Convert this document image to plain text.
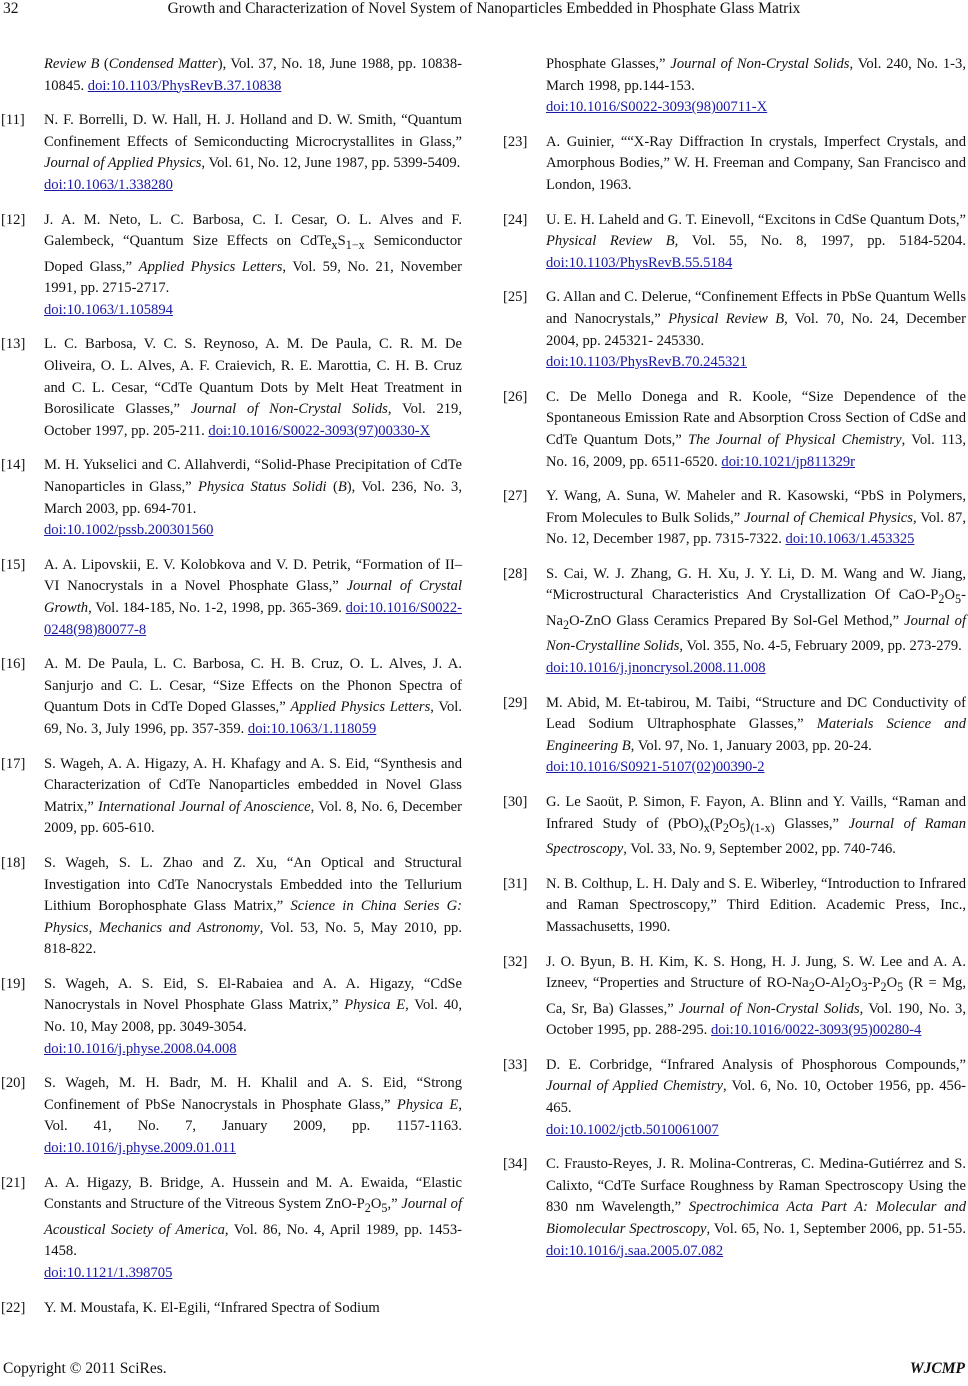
32	Growth and Characterization of Novel System of Nanoparticles Embedded in Phosphate Glass Matrix
Review B (Condensed Matter), Vol. 37, No. 18, June 1988, pp. 10838-10845. doi:10.1103/PhysRevB.37.10838
[11]	N. F. Borrelli, D. W. Hall, H. J. Holland and D. W. Smith, “Quantum Confinement Effects of Semiconducting Microcrystallites in Glass,” Journal of Applied Physics, Vol. 61, No. 12, June 1987, pp. 5399-5409.
doi:10.1063/1.338280
[12]	J. A. M. Neto, L. C. Barbosa, C. I. Cesar, O. L. Alves and F. Galembeck, “Quantum Size Effects on $CdTe_xS_{1-x}$ Semiconductor Doped Glass,” Applied Physics Letters, Vol. 59, No. 21, November 1991, pp. 2715-2717.
doi:10.1063/1.105894
[13]	L. C. Barbosa, V. C. S. Reynoso, A. M. De Paula, C. R. M. De Oliveira, O. L. Alves, A. F. Craievich, R. E. Marottia, C. H. B. Cruz and C. L. Cesar, “CdTe Quantum Dots by Melt Heat Treatment in Borosilicate Glasses,” Journal of Non-Crystal Solids, Vol. 219, October 1997, pp. 205-211. doi:10.1016/S0022-3093(97)00330-X
[14]	M. H. Yukselici and C. Allahverdi, “Solid-Phase Precipitation of CdTe Nanoparticles in Glass,” Physica Status Solidi (B), Vol. 236, No. 3, March 2003, pp. 694-701.
doi:10.1002/pssb.200301560
[15]	A. A. Lipovskii, E. V. Kolobkova and V. D. Petrik, “Formation of II–VI Nanocrystals in a Novel Phosphate Glass,” Journal of Crystal Growth, Vol. 184-185, No. 1-2, 1998, pp. 365-369. doi:10.1016/S0022-0248(98)80077-8
[16]	A. M. De Paula, L. C. Barbosa, C. H. B. Cruz, O. L. Alves, J. A. Sanjurjo and C. L. Cesar, “Size Effects on the Phonon Spectra of Quantum Dots in CdTe Doped Glasses,” Applied Physics Letters, Vol. 69, No. 3, July 1996, pp. 357-359. doi:10.1063/1.118059
[17]	S. Wageh, A. A. Higazy, A. H. Khafagy and A. S. Eid, “Synthesis and Characterization of CdTe Nanoparticles embedded in Novel Glass Matrix,” International Journal of Anoscience, Vol. 8, No. 6, December 2009, pp. 605-610.
[18]	S. Wageh, S. L. Zhao and Z. Xu, “An Optical and Structural Investigation into CdTe Nanocrystals Embedded into the Tellurium Lithium Borophosphate Glass Matrix,” Science in China Series G: Physics, Mechanics and Astronomy, Vol. 53, No. 5, May 2010, pp. 818-822.
[19]	S. Wageh, A. S. Eid, S. El-Rabaiea and A. A. Higazy, “CdSe Nanocrystals in Novel Phosphate Glass Matrix,” Physica E, Vol. 40, No. 10, May 2008, pp. 3049-3054.
doi:10.1016/j.physe.2008.04.008
[20]	S. Wageh, M. H. Badr, M. H. Khalil and A. S. Eid, “Strong Confinement of PbSe Nanocrystals in Phosphate Glass,” Physica E, Vol. 41, No. 7, January 2009, pp. 1157-1163. doi:10.1016/j.physe.2009.01.011
[21]	A. A. Higazy, B. Bridge, A. Hussein and M. A. Ewaida, “Elastic Constants and Structure of the Vitreous System ZnO-$P_2O_5$,” Journal of Acoustical Society of America, Vol. 86, No. 4, April 1989, pp. 1453-1458.
doi:10.1121/1.398705
[22]	Y. M. Moustafa, K. El-Egili, “Infrared Spectra of Sodium
Phosphate Glasses,” Journal of Non-Crystal Solids, Vol. 240, No. 1-3, March 1998, pp.144-153.
doi:10.1016/S0022-3093(98)00711-X
[23]	A. Guinier, ““X-Ray Diffraction In crystals, Imperfect Crystals, and Amorphous Bodies,” W. H. Freeman and Company, San Francisco and London, 1963.
[24]	U. E. H. Laheld and G. T. Einevoll, “Excitons in CdSe Quantum Dots,” Physical Review B, Vol. 55, No. 8, 1997, pp. 5184-5204. doi:10.1103/PhysRevB.55.5184
[25]	G. Allan and C. Delerue, “Confinement Effects in PbSe Quantum Wells and Nanocrystals,” Physical Review B, Vol. 70, No. 24, December 2004, pp. 245321- 245330.
doi:10.1103/PhysRevB.70.245321
[26]	C. De Mello Donega and R. Koole, “Size Dependence of the Spontaneous Emission Rate and Absorption Cross Section of CdSe and CdTe Quantum Dots,” The Journal of Physical Chemistry, Vol. 113, No. 16, 2009, pp. 6511-6520. doi:10.1021/jp811329r
[27]	Y. Wang, A. Suna, W. Maheler and R. Kasowski, “PbS in Polymers, From Molecules to Bulk Solids,” Journal of Chemical Physics, Vol. 87, No. 12, December 1987, pp. 7315-7322. doi:10.1063/1.453325
[28]	S. Cai, W. J. Zhang, G. H. Xu, J. Y. Li, D. M. Wang and W. Jiang, “Microstructural Characteristics And Crystallization Of CaO-$P_2O_5-Na_2O$-ZnO Glass Ceramics Prepared By Sol-Gel Method,” Journal of Non-Crystalline Solids, Vol. 355, No. 4-5, February 2009, pp. 273-279.
doi:10.1016/j.jnoncrysol.2008.11.008
[29]	M. Abid, M. Et-tabirou, M. Taibi, “Structure and DC Conductivity of Lead Sodium Ultraphosphate Glasses,” Materials Science and Engineering B, Vol. 97, No. 1, January 2003, pp. 20-24.
doi:10.1016/S0921-5107(02)00390-2
[30]	G. Le Saoüt, P. Simon, F. Fayon, A. Blinn and Y. Vaills, “Raman and Infrared Study of $(PbO)_x(P_2O_5)_{(1-x)}$ Glasses,” Journal of Raman Spectroscopy, Vol. 33, No. 9, September 2002, pp. 740-746.
[31]	N. B. Colthup, L. H. Daly and S. E. Wiberley, “Introduction to Infrared and Raman Spectroscopy,” Third Edition. Academic Press, Inc., Massachusetts, 1990.
[32]	J. O. Byun, B. H. Kim, K. S. Hong, H. J. Jung, S. W. Lee and A. A. Izneev, “Properties and Structure of $RO-Na_2O-Al_2O_3-P_2O_5$ (R = Mg, Ca, Sr, Ba) Glasses,” Journal of Non-Crystal Solids, Vol. 190, No. 3, October 1995, pp. 288-295. doi:10.1016/0022-3093(95)00280-4
[33]	D. E. Corbridge, “Infrared Analysis of Phosphorous Compounds,” Journal of Applied Chemistry, Vol. 6, No. 10, October 1956, pp. 456-465.
doi:10.1002/jctb.5010061007
[34]	C. Frausto-Reyes, J. R. Molina-Contreras, C. Medina-Gutiérrez and S. Calixto, “CdTe Surface Roughness by Raman Spectroscopy Using the 830 nm Wavelength,” Spectrochimica Acta Part A: Molecular and Biomolecular Spectroscopy, Vol. 65, No. 1, September 2006, pp. 51-55. doi:10.1016/j.saa.2005.07.082
Copyright © 2011 SciRes.	WJCMP
